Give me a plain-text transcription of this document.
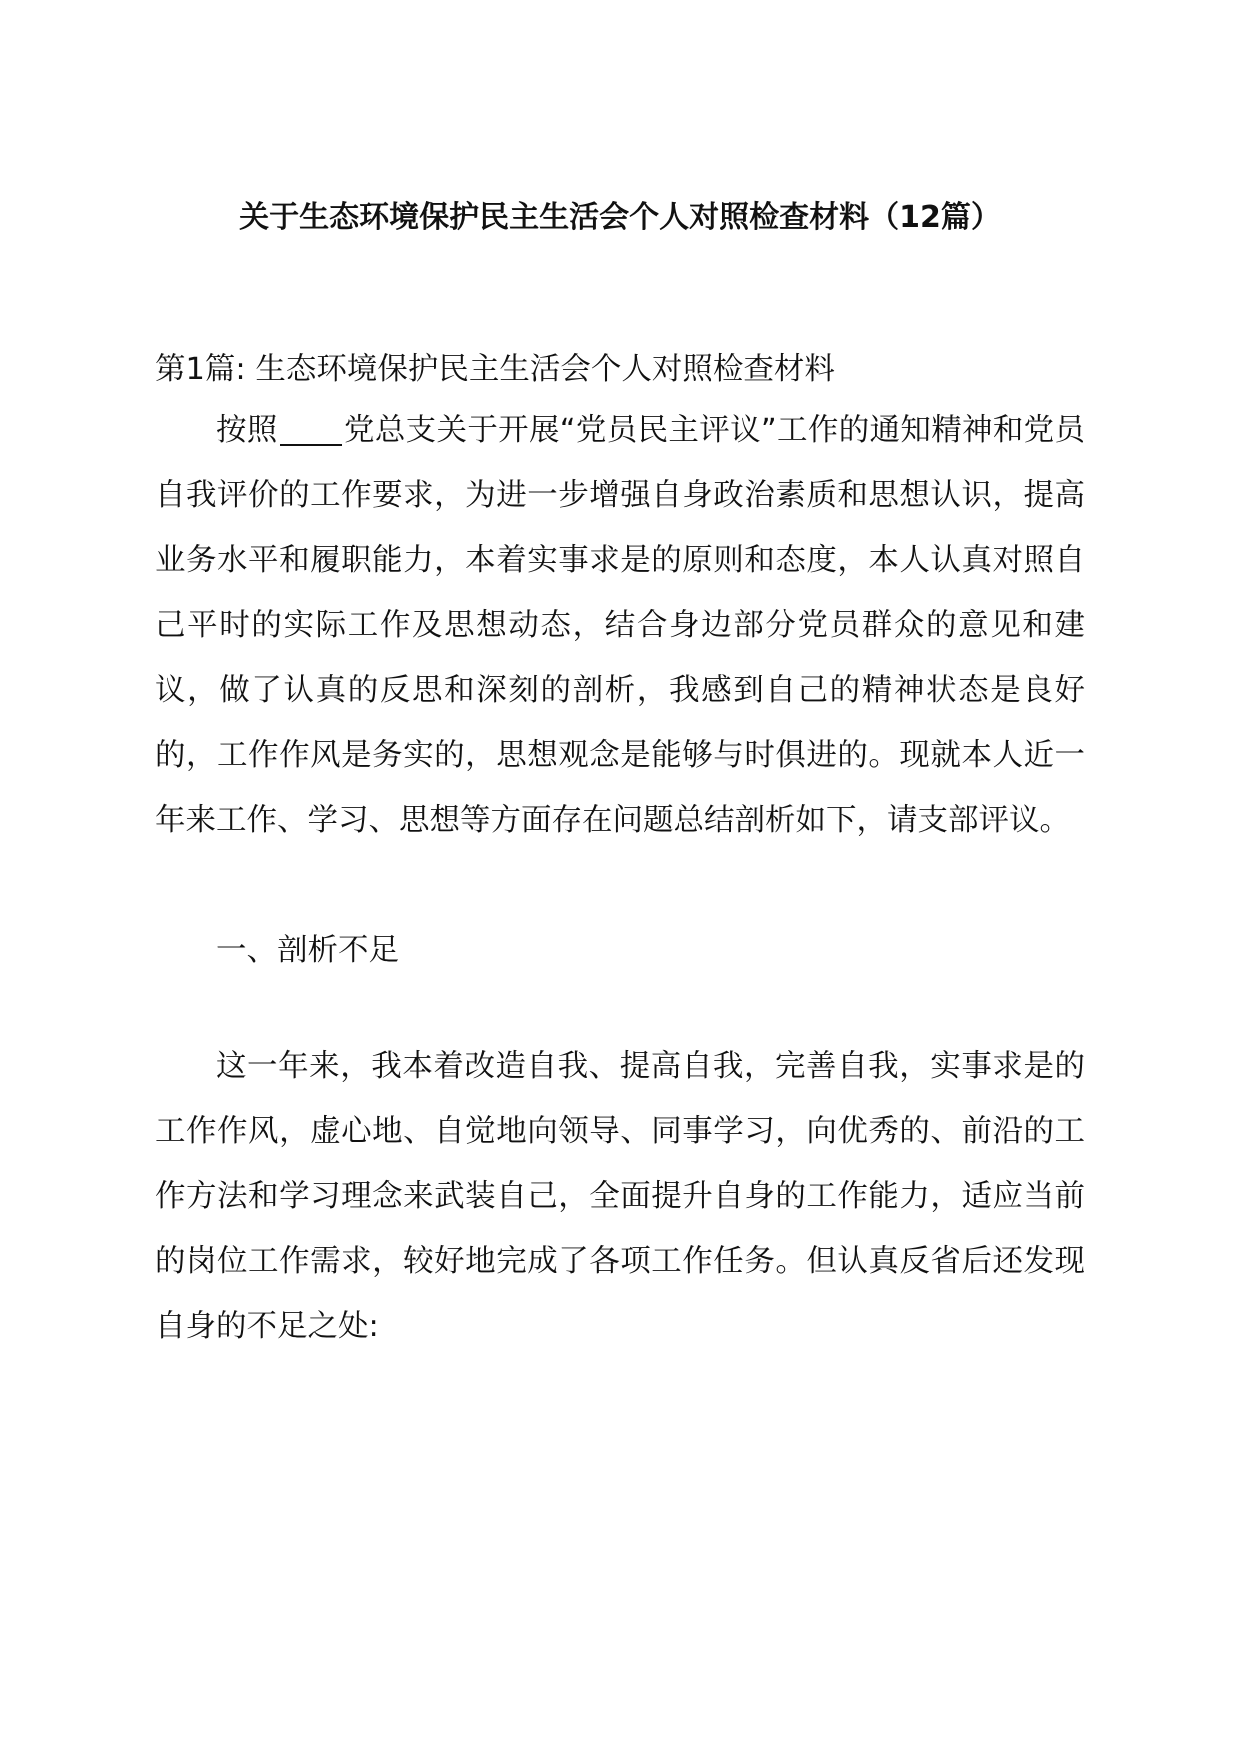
关于生态环境保护民主生活会个人对照检查材料（12篇）
第1篇: 生态环境保护民主生活会个人对照检查材料
按照 党总支关于开展“党员民主评议”工作的通知精神和党员自我评价的工作要求，为进一步增强自身政治素质和思想认识，提高业务水平和履职能力，本着实事求是的原则和态度，本人认真对照自己平时的实际工作及思想动态，结合身边部分党员群众的意见和建议，做了认真的反思和深刻的剖析，我感到自己的精神状态是良好的，工作作风是务实的，思想观念是能够与时俱进的。现就本人近一年来工作、学习、思想等方面存在问题总结剖析如下，请支部评议。
一、剖析不足
这一年来，我本着改造自我、提高自我，完善自我，实事求是的工作作风，虚心地、自觉地向领导、同事学习，向优秀的、前沿的工作方法和学习理念来武装自己，全面提升自身的工作能力，适应当前的岗位工作需求，较好地完成了各项工作任务。但认真反省后还发现自身的不足之处:
